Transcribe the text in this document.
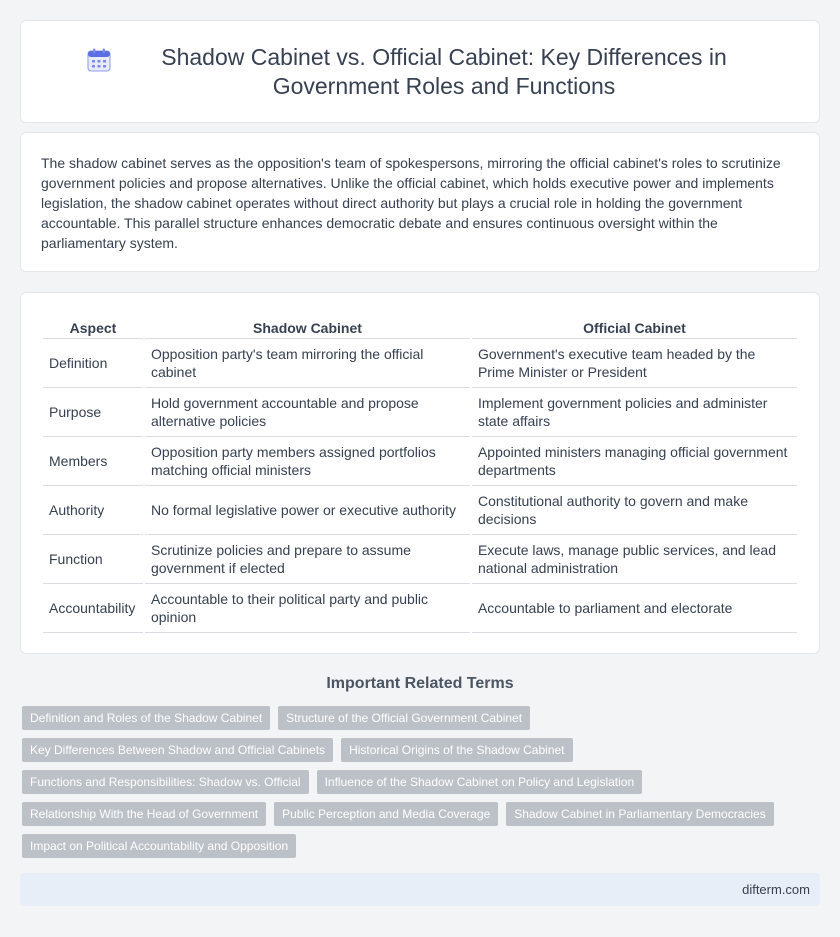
Shadow Cabinet vs. Official Cabinet: Key Differences in Government Roles and Functions

The shadow cabinet serves as the opposition's team of spokespersons, mirroring the official cabinet's roles to scrutinize government policies and propose alternatives. Unlike the official cabinet, which holds executive power and implements legislation, the shadow cabinet operates without direct authority but plays a crucial role in holding the government accountable. This parallel structure enhances democratic debate and ensures continuous oversight within the parliamentary system.

Aspect	Shadow Cabinet	Official Cabinet
Definition	Opposition party's team mirroring the official cabinet	Government's executive team headed by the Prime Minister or President
Purpose	Hold government accountable and propose alternative policies	Implement government policies and administer state affairs
Members	Opposition party members assigned portfolios matching official ministers	Appointed ministers managing official government departments
Authority	No formal legislative power or executive authority	Constitutional authority to govern and make decisions
Function	Scrutinize policies and prepare to assume government if elected	Execute laws, manage public services, and lead national administration
Accountability	Accountable to their political party and public opinion	Accountable to parliament and electorate
Important Related Terms
Definition and Roles of the Shadow Cabinet	Structure of the Official Government Cabinet
Key Differences Between Shadow and Official Cabinets	Historical Origins of the Shadow Cabinet
Functions and Responsibilities: Shadow vs. Official	Influence of the Shadow Cabinet on Policy and Legislation
Relationship With the Head of Government	Public Perception and Media Coverage	Shadow Cabinet in Parliamentary Democracies
Impact on Political Accountability and Opposition
difterm.com
